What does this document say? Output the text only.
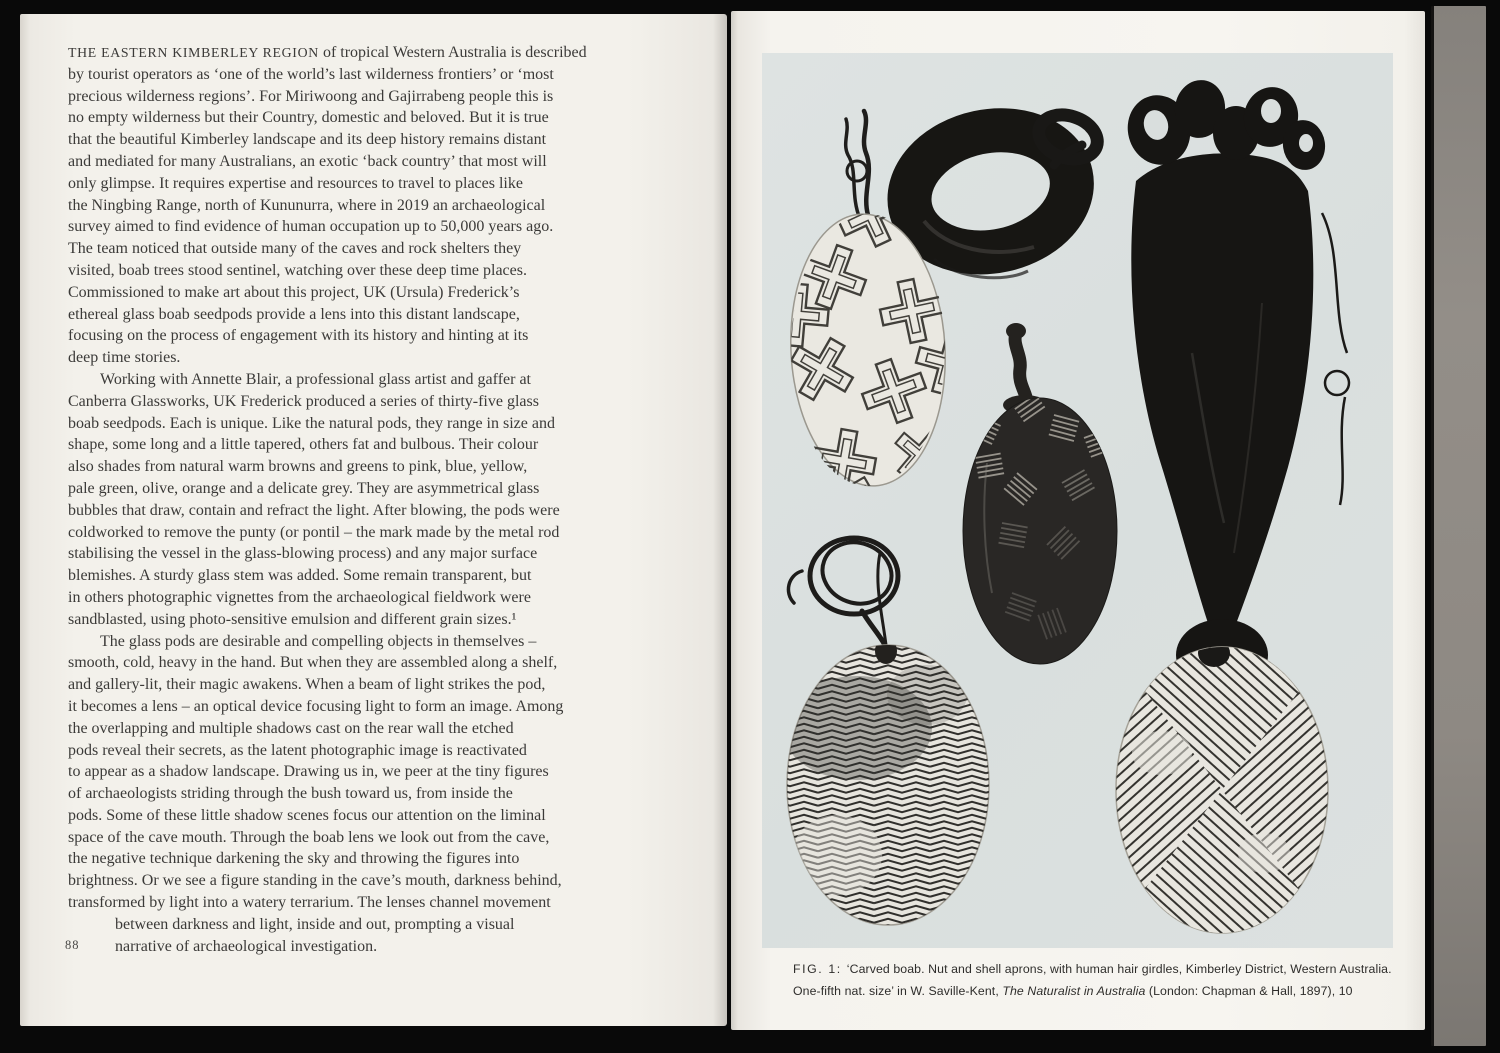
THE EASTERN KIMBERLEY REGION of tropical Western Australia is described
by tourist operators as ‘one of the world’s last wilderness frontiers’ or ‘most
precious wilderness regions’. For Miriwoong and Gajirrabeng people this is
no empty wilderness but their Country, domestic and beloved. But it is true
that the beautiful Kimberley landscape and its deep history remains distant
and mediated for many Australians, an exotic ‘back country’ that most will
only glimpse. It requires expertise and resources to travel to places like
the Ningbing Range, north of Kununurra, where in 2019 an archaeological
survey aimed to find evidence of human occupation up to 50,000 years ago.
The team noticed that outside many of the caves and rock shelters they
visited, boab trees stood sentinel, watching over these deep time places.
Commissioned to make art about this project, UK (Ursula) Frederick’s
ethereal glass boab seedpods provide a lens into this distant landscape,
focusing on the process of engagement with its history and hinting at its
deep time stories.
Working with Annette Blair, a professional glass artist and gaffer at
Canberra Glassworks, UK Frederick produced a series of thirty-five glass
boab seedpods. Each is unique. Like the natural pods, they range in size and
shape, some long and a little tapered, others fat and bulbous. Their colour
also shades from natural warm browns and greens to pink, blue, yellow,
pale green, olive, orange and a delicate grey. They are asymmetrical glass
bubbles that draw, contain and refract the light. After blowing, the pods were
coldworked to remove the punty (or pontil – the mark made by the metal rod
stabilising the vessel in the glass-blowing process) and any major surface
blemishes. A sturdy glass stem was added. Some remain transparent, but
in others photographic vignettes from the archaeological fieldwork were
sandblasted, using photo-sensitive emulsion and different grain sizes.¹
The glass pods are desirable and compelling objects in themselves –
smooth, cold, heavy in the hand. But when they are assembled along a shelf,
and gallery-lit, their magic awakens. When a beam of light strikes the pod,
it becomes a lens – an optical device focusing light to form an image. Among
the overlapping and multiple shadows cast on the rear wall the etched
pods reveal their secrets, as the latent photographic image is reactivated
to appear as a shadow landscape. Drawing us in, we peer at the tiny figures
of archaeologists striding through the bush toward us, from inside the
pods. Some of these little shadow scenes focus our attention on the liminal
space of the cave mouth. Through the boab lens we look out from the cave,
the negative technique darkening the sky and throwing the figures into
brightness. Or we see a figure standing in the cave’s mouth, darkness behind,
transformed by light into a watery terrarium. The lenses channel movement
between darkness and light, inside and out, prompting a visual
narrative of archaeological investigation.
88
FIG. 1: ‘Carved boab. Nut and shell aprons, with human hair girdles, Kimberley District, Western Australia.
One-fifth nat. size’ in W. Saville-Kent, The Naturalist in Australia (London: Chapman & Hall, 1897), 10
